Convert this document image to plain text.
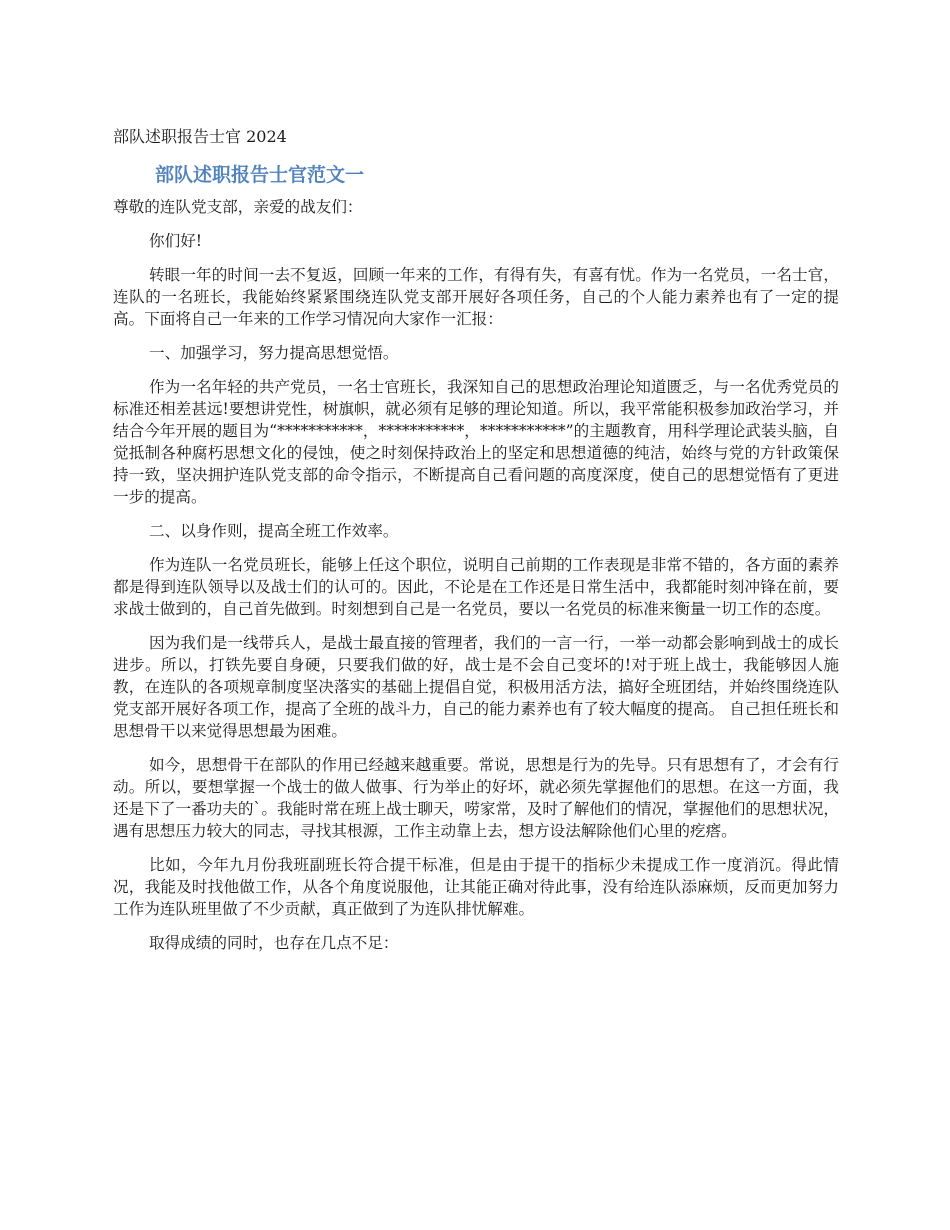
部队述职报告士官 2024
部队述职报告士官范文一

尊敬的连队党支部，亲爱的战友们：

你们好!

转眼一年的时间一去不复返，回顾一年来的工作，有得有失，有喜有忧。作为一名党员，一名士官，连队的一名班长，我能始终紧紧围绕连队党支部开展好各项任务，自己的个人能力素养也有了一定的提高。下面将自己一年来的工作学习情况向大家作一汇报：

一、加强学习，努力提高思想觉悟。

作为一名年轻的共产党员，一名士官班长，我深知自己的思想政治理论知道匮乏，与一名优秀党员的标准还相差甚远!要想讲党性，树旗帜，就必须有足够的理论知道。所以，我平常能积极参加政治学习，并结合今年开展的题目为“***********，***********，***********”的主题教育，用科学理论武装头脑，自觉抵制各种腐朽思想文化的侵蚀，使之时刻保持政治上的坚定和思想道德的纯洁，始终与党的方针政策保持一致，坚决拥护连队党支部的命令指示，不断提高自己看问题的高度深度，使自己的思想觉悟有了更进一步的提高。

二、以身作则，提高全班工作效率。

作为连队一名党员班长，能够上任这个职位，说明自己前期的工作表现是非常不错的，各方面的素养都是得到连队领导以及战士们的认可的。因此，不论是在工作还是日常生活中，我都能时刻冲锋在前，要求战士做到的，自己首先做到。时刻想到自己是一名党员，要以一名党员的标准来衡量一切工作的态度。

因为我们是一线带兵人，是战士最直接的管理者，我们的一言一行，一举一动都会影响到战士的成长进步。所以，打铁先要自身硬，只要我们做的好，战士是不会自己变坏的!对于班上战士，我能够因人施教，在连队的各项规章制度坚决落实的基础上提倡自觉，积极用活方法，搞好全班团结，并始终围绕连队党支部开展好各项工作，提高了全班的战斗力，自己的能力素养也有了较大幅度的提高。 自己担任班长和思想骨干以来觉得思想最为困难。

如今，思想骨干在部队的作用已经越来越重要。常说，思想是行为的先导。只有思想有了，才会有行动。所以，要想掌握一个战士的做人做事、行为举止的好坏，就必须先掌握他们的思想。在这一方面，我还是下了一番功夫的`。我能时常在班上战士聊天，唠家常，及时了解他们的情况，掌握他们的思想状况，遇有思想压力较大的同志，寻找其根源，工作主动靠上去，想方设法解除他们心里的疙瘩。

比如，今年九月份我班副班长符合提干标准，但是由于提干的指标少未提成工作一度消沉。得此情况，我能及时找他做工作，从各个角度说服他，让其能正确对待此事，没有给连队添麻烦，反而更加努力工作为连队班里做了不少贡献，真正做到了为连队排忧解难。

取得成绩的同时，也存在几点不足：
